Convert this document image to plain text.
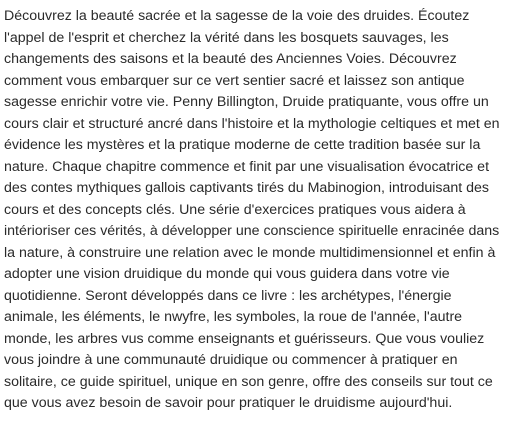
Découvrez la beauté sacrée et la sagesse de la voie des druides. Écoutez l'appel de l'esprit et cherchez la vérité dans les bosquets sauvages, les changements des saisons et la beauté des Anciennes Voies. Découvrez comment vous embarquer sur ce vert sentier sacré et laissez son antique sagesse enrichir votre vie. Penny Billington, Druide pratiquante, vous offre un cours clair et structuré ancré dans l'histoire et la mythologie celtiques et met en évidence les mystères et la pratique moderne de cette tradition basée sur la nature. Chaque chapitre commence et finit par une visualisation évocatrice et des contes mythiques gallois captivants tirés du Mabinogion, introduisant des cours et des concepts clés. Une série d'exercices pratiques vous aidera à intérioriser ces vérités, à développer une conscience spirituelle enracinée dans la nature, à construire une relation avec le monde multidimensionnel et enfin à adopter une vision druidique du monde qui vous guidera dans votre vie quotidienne. Seront développés dans ce livre : les archétypes, l'énergie animale, les éléments, le nwyfre, les symboles, la roue de l'année, l'autre monde, les arbres vus comme enseignants et guérisseurs. Que vous vouliez vous joindre à une communauté druidique ou commencer à pratiquer en solitaire, ce guide spirituel, unique en son genre, offre des conseils sur tout ce que vous avez besoin de savoir pour pratiquer le druidisme aujourd'hui.
